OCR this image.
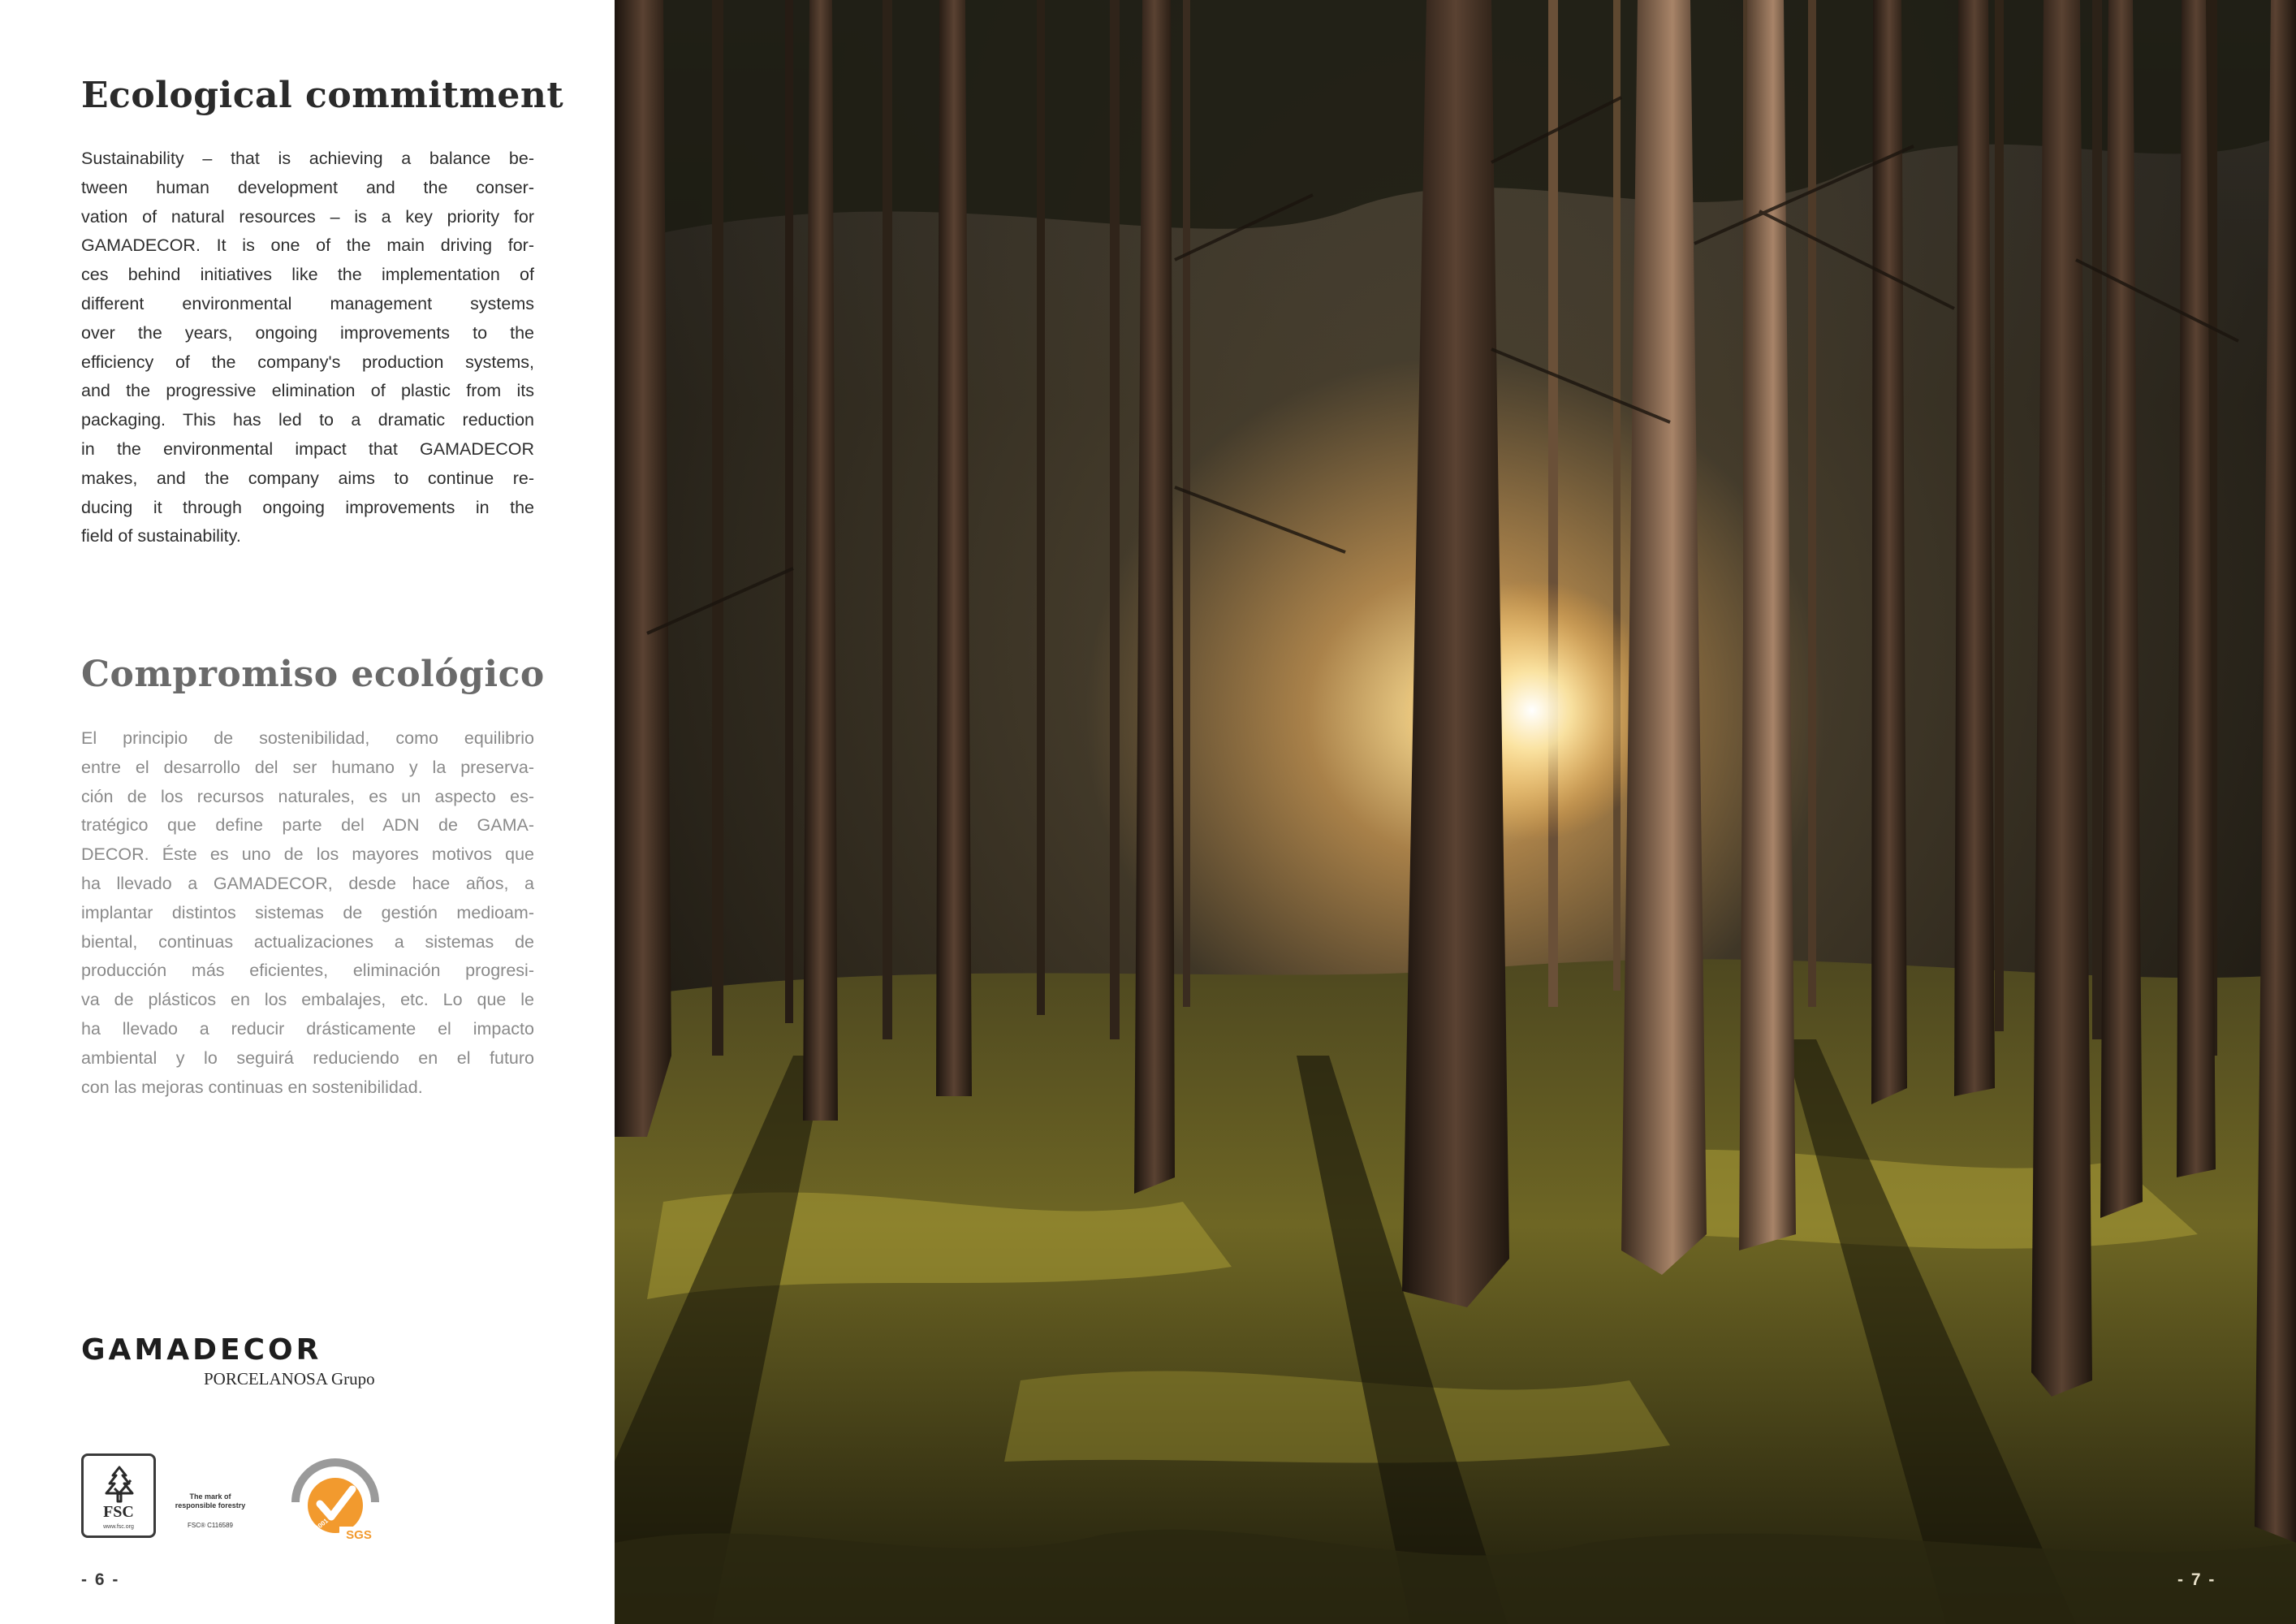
Ecological commitment
Sustainability – that is achieving a balance be-
tween human development and the conser-
vation of natural resources – is a key priority for
GAMADECOR. It is one of the main driving for-
ces behind initiatives like the implementation of
different environmental management systems
over the years, ongoing improvements to the
efficiency of the company's production systems,
and the progressive elimination of plastic from its
packaging. This has led to a dramatic reduction
in the environmental impact that GAMADECOR
makes, and the company aims to continue re-
ducing it through ongoing improvements in the
field of sustainability.
Compromiso ecológico
El principio de sostenibilidad, como equilibrio
entre el desarrollo del ser humano y la preserva-
ción de los recursos naturales, es un aspecto es-
tratégico que define parte del ADN de GAMA-
DECOR. Éste es uno de los mayores motivos que
ha llevado a GAMADECOR, desde hace años, a
implantar distintos sistemas de gestión medioam-
biental, continuas actualizaciones a sistemas de
producción más eficientes, eliminación progresi-
va de plásticos en los embalajes, etc. Lo que le
ha llevado a reducir drásticamente el impacto
ambiental y lo seguirá reduciendo en el futuro
con las mejoras continuas en sostenibilidad.
GAMADECOR
PORCELANOSA Grupo
FSC
www.fsc.org
The mark of responsible forestry
FSC® C116589
SGS
ISO 14001
- 6 -	- 7 -
